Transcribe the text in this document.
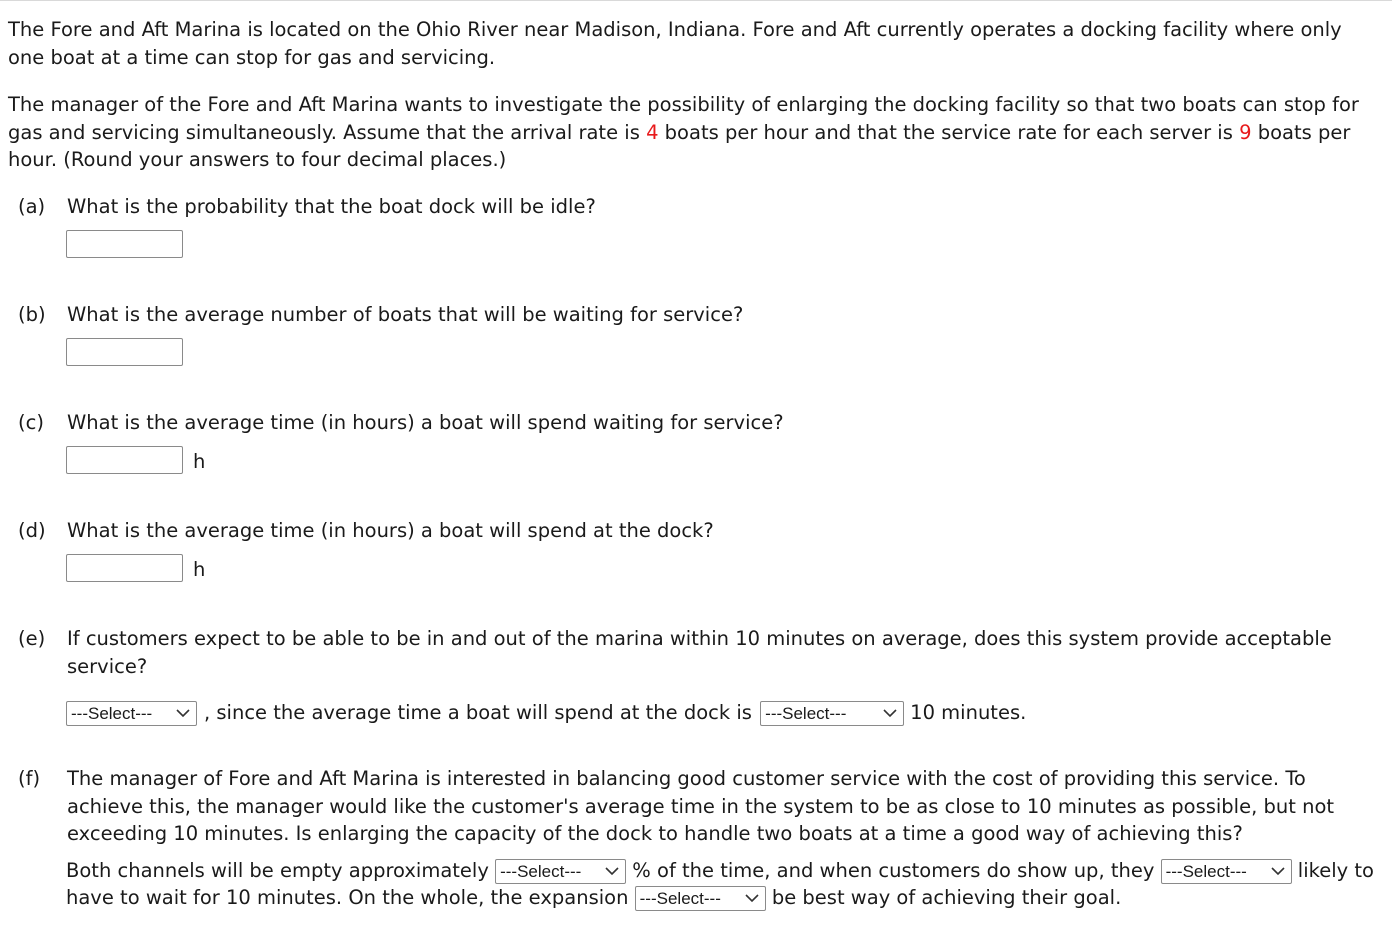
The Fore and Aft Marina is located on the Ohio River near Madison, Indiana. Fore and Aft currently operates a docking facility where only one boat at a time can stop for gas and servicing.

The manager of the Fore and Aft Marina wants to investigate the possibility of enlarging the docking facility so that two boats can stop for gas and servicing simultaneously. Assume that the arrival rate is 4 boats per hour and that the service rate for each server is 9 boats per hour. (Round your answers to four decimal places.)

(a) What is the probability that the boat dock will be idle?
(b) What is the average number of boats that will be waiting for service?
(c) What is the average time (in hours) a boat will spend waiting for service?
h
(d) What is the average time (in hours) a boat will spend at the dock?
h
(e) If customers expect to be able to be in and out of the marina within 10 minutes on average, does this system provide acceptable service?
---Select---	, since the average time a boat will spend at the dock is ---Select---	10 minutes.
(f) The manager of Fore and Aft Marina is interested in balancing good customer service with the cost of providing this service. To achieve this, the manager would like the customer's average time in the system to be as close to 10 minutes as possible, but not exceeding 10 minutes. Is enlarging the capacity of the dock to handle two boats at a time a good way of achieving this?
Both channels will be empty approximately ---Select---	% of the time, and when customers do show up, they ---Select---	likely to
have to wait for 10 minutes. On the whole, the expansion ---Select---	be best way of achieving their goal.
